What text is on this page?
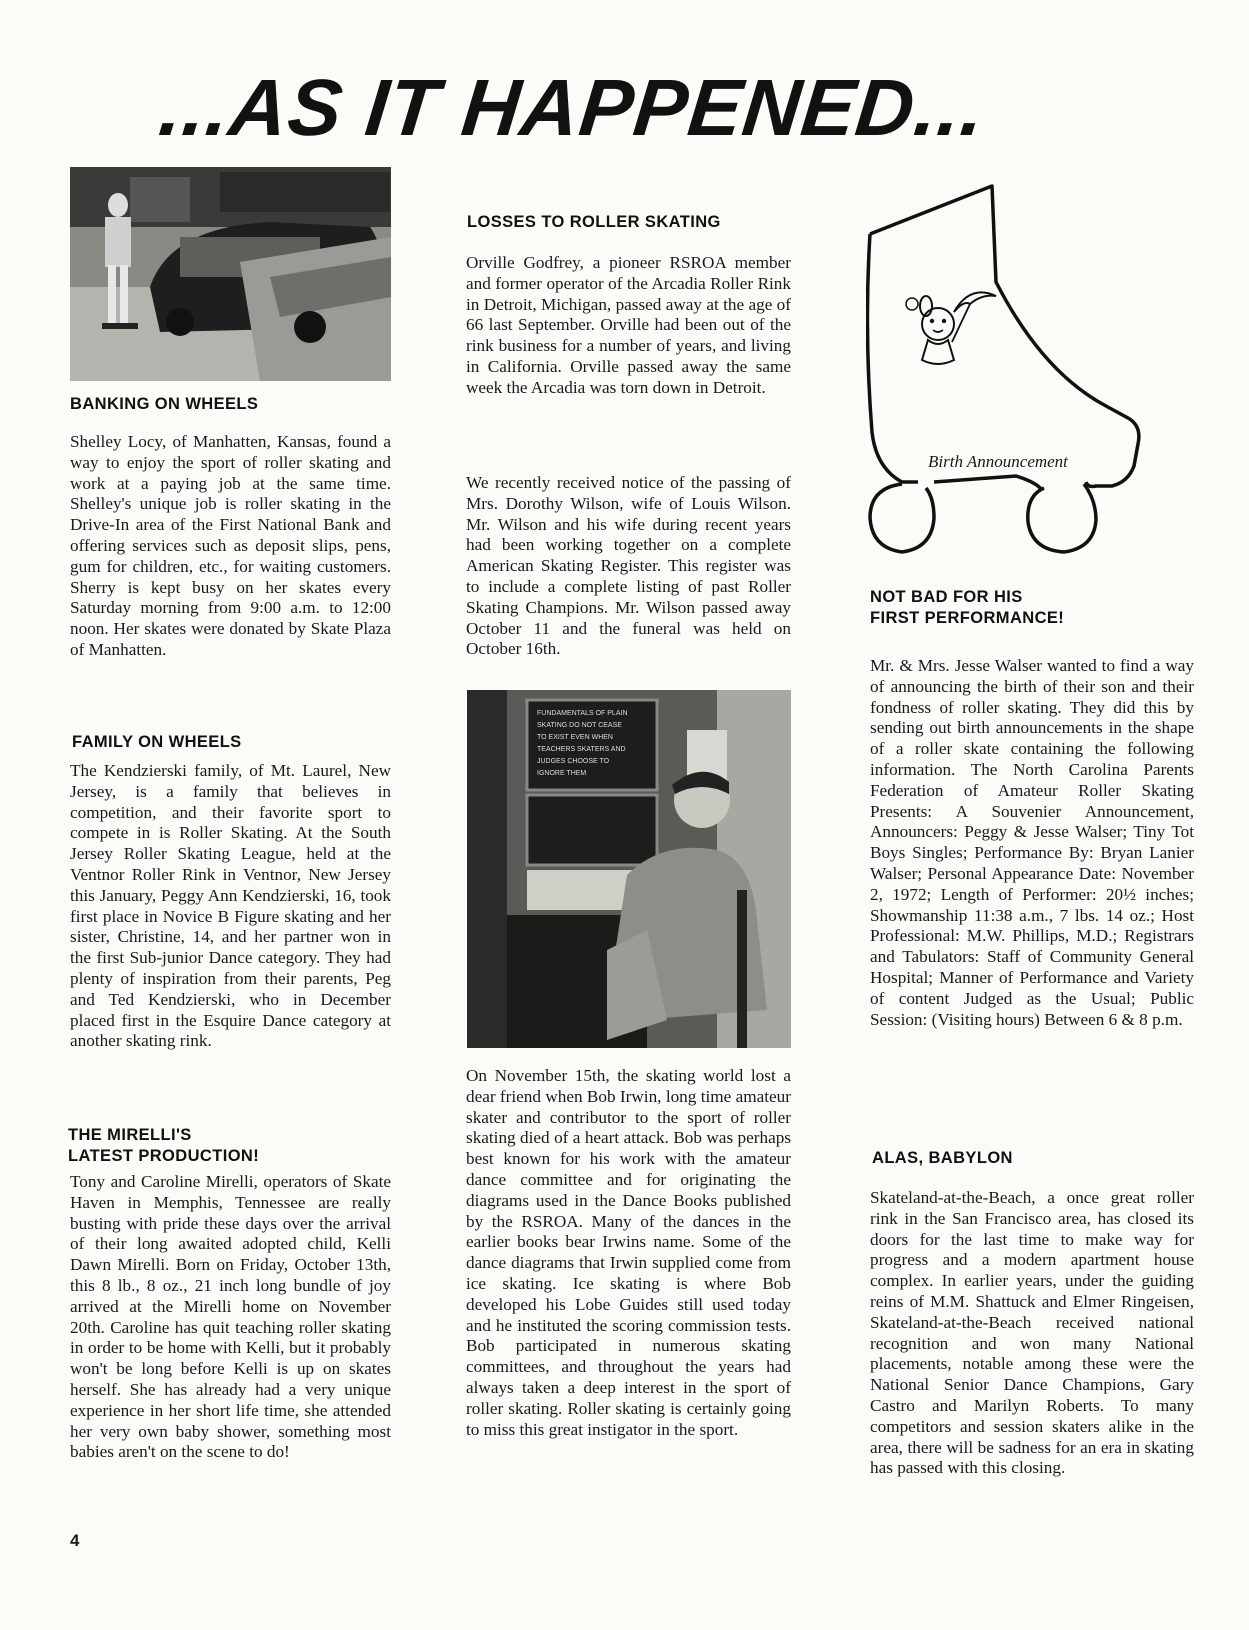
...AS IT HAPPENED...
BANKING ON WHEELS
Shelley Locy, of Manhatten, Kansas, found a way to enjoy the sport of roller skating and work at a paying job at the same time. Shelley's unique job is roller skating in the Drive-In area of the First National Bank and offering services such as deposit slips, pens, gum for children, etc., for waiting customers. Sherry is kept busy on her skates every Saturday morning from 9:00 a.m. to 12:00 noon. Her skates were donated by Skate Plaza of Manhatten.
FAMILY ON WHEELS
The Kendzierski family, of Mt. Laurel, New Jersey, is a family that believes in competition, and their favorite sport to compete in is Roller Skating. At the South Jersey Roller Skating League, held at the Ventnor Roller Rink in Ventnor, New Jersey this January, Peggy Ann Kendzierski, 16, took first place in Novice B Figure skating and her sister, Christine, 14, and her partner won in the first Sub-junior Dance category. They had plenty of inspiration from their parents, Peg and Ted Kendzierski, who in December placed first in the Esquire Dance category at another skating rink.
THE MIRELLI'S
LATEST PRODUCTION!
Tony and Caroline Mirelli, operators of Skate Haven in Memphis, Tennessee are really busting with pride these days over the arrival of their long awaited adopted child, Kelli Dawn Mirelli. Born on Friday, October 13th, this 8 lb., 8 oz., 21 inch long bundle of joy arrived at the Mirelli home on November 20th. Caroline has quit teaching roller skating in order to be home with Kelli, but it probably won't be long before Kelli is up on skates herself. She has already had a very unique experience in her short life time, she attended her very own baby shower, something most babies aren't on the scene to do!
4
LOSSES TO ROLLER SKATING
Orville Godfrey, a pioneer RSROA member and former operator of the Arcadia Roller Rink in Detroit, Michigan, passed away at the age of 66 last September. Orville had been out of the rink business for a number of years, and living in California. Orville passed away the same week the Arcadia was torn down in Detroit.
We recently received notice of the passing of Mrs. Dorothy Wilson, wife of Louis Wilson. Mr. Wilson and his wife during recent years had been working together on a complete American Skating Register. This register was to include a complete listing of past Roller Skating Champions. Mr. Wilson passed away October 11 and the funeral was held on October 16th.
FUNDAMENTALS OF PLAIN
SKATING DO NOT CEASE
TO EXIST EVEN WHEN
TEACHERS SKATERS AND
JUDGES CHOOSE TO
IGNORE THEM
On November 15th, the skating world lost a dear friend when Bob Irwin, long time amateur skater and contributor to the sport of roller skating died of a heart attack. Bob was perhaps best known for his work with the amateur dance committee and for originating the diagrams used in the Dance Books published by the RSROA. Many of the dances in the earlier books bear Irwins name. Some of the dance diagrams that Irwin supplied come from ice skating. Ice skating is where Bob developed his Lobe Guides still used today and he instituted the scoring commission tests. Bob participated in numerous skating committees, and throughout the years had always taken a deep interest in the sport of roller skating. Roller skating is certainly going to miss this great instigator in the sport.
Birth Announcement
NOT BAD FOR HIS
FIRST PERFORMANCE!
Mr. & Mrs. Jesse Walser wanted to find a way of announcing the birth of their son and their fondness of roller skating. They did this by sending out birth announcements in the shape of a roller skate containing the following information. The North Carolina Parents Federation of Amateur Roller Skating Presents: A Souvenier Announcement, Announcers: Peggy & Jesse Walser; Tiny Tot Boys Singles; Performance By: Bryan Lanier Walser; Personal Appearance Date: November 2, 1972; Length of Performer: 20½ inches; Showmanship 11:38 a.m., 7 lbs. 14 oz.; Host Professional: M.W. Phillips, M.D.; Registrars and Tabulators: Staff of Community General Hospital; Manner of Performance and Variety of content Judged as the Usual; Public Session: (Visiting hours) Between 6 & 8 p.m.
ALAS, BABYLON
Skateland-at-the-Beach, a once great roller rink in the San Francisco area, has closed its doors for the last time to make way for progress and a modern apartment house complex. In earlier years, under the guiding reins of M.M. Shattuck and Elmer Ringeisen, Skateland-at-the-Beach received national recognition and won many National placements, notable among these were the National Senior Dance Champions, Gary Castro and Marilyn Roberts. To many competitors and session skaters alike in the area, there will be sadness for an era in skating has passed with this closing.
